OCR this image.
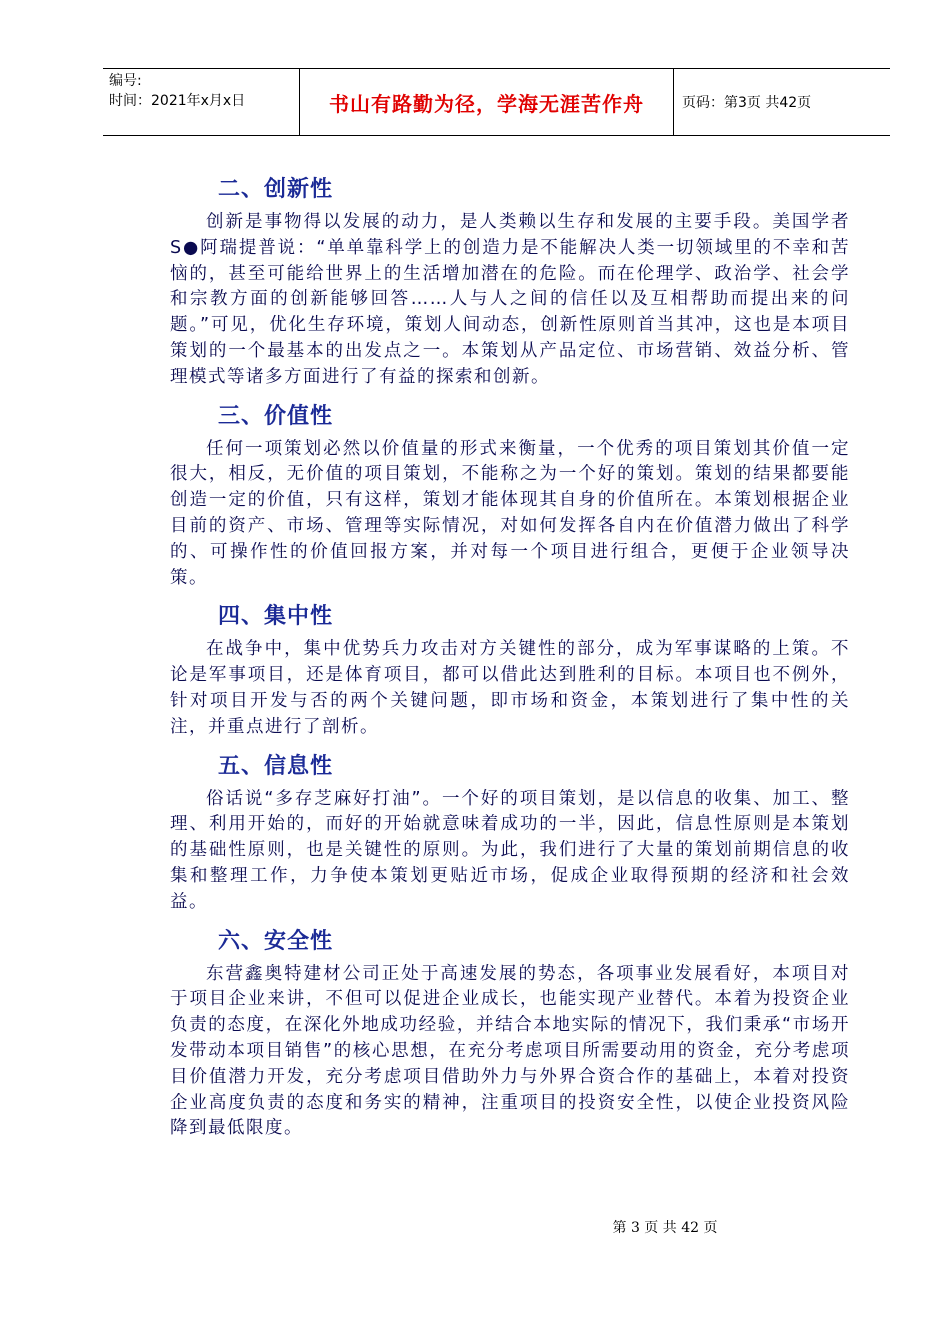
编号:
时间：2021年x月x日	书山有路勤为径，学海无涯苦作舟	页码：第3页 共42页
二、创新性

创新是事物得以发展的动力，是人类赖以生存和发展的主要手段。美国学者S●阿瑞提普说：“单单靠科学上的创造力是不能解决人类一切领域里的不幸和苦恼的，甚至可能给世界上的生活增加潜在的危险。而在伦理学、政治学、社会学和宗教方面的创新能够回答……人与人之间的信任以及互相帮助而提出来的问题。”可见，优化生存环境，策划人间动态，创新性原则首当其冲，这也是本项目策划的一个最基本的出发点之一。本策划从产品定位、市场营销、效益分析、管理模式等诸多方面进行了有益的探索和创新。

三、价值性

任何一项策划必然以价值量的形式来衡量，一个优秀的项目策划其价值一定很大，相反，无价值的项目策划，不能称之为一个好的策划。策划的结果都要能创造一定的价值，只有这样，策划才能体现其自身的价值所在。本策划根据企业目前的资产、市场、管理等实际情况，对如何发挥各自内在价值潜力做出了科学的、可操作性的价值回报方案，并对每一个项目进行组合，更便于企业领导决策。

四、集中性

在战争中，集中优势兵力攻击对方关键性的部分，成为军事谋略的上策。不论是军事项目，还是体育项目，都可以借此达到胜利的目标。本项目也不例外，针对项目开发与否的两个关键问题，即市场和资金，本策划进行了集中性的关注，并重点进行了剖析。

五、信息性

俗话说“多存芝麻好打油”。一个好的项目策划，是以信息的收集、加工、整理、利用开始的，而好的开始就意味着成功的一半，因此，信息性原则是本策划的基础性原则，也是关键性的原则。为此，我们进行了大量的策划前期信息的收集和整理工作，力争使本策划更贴近市场，促成企业取得预期的经济和社会效益。

六、安全性

东营鑫奥特建材公司正处于高速发展的势态，各项事业发展看好，本项目对于项目企业来讲，不但可以促进企业成长，也能实现产业替代。本着为投资企业负责的态度，在深化外地成功经验，并结合本地实际的情况下，我们秉承“市场开发带动本项目销售”的核心思想，在充分考虑项目所需要动用的资金，充分考虑项目价值潜力开发，充分考虑项目借助外力与外界合资合作的基础上，本着对投资企业高度负责的态度和务实的精神，注重项目的投资安全性，以使企业投资风险降到最低限度。

第 3 页 共 42 页
